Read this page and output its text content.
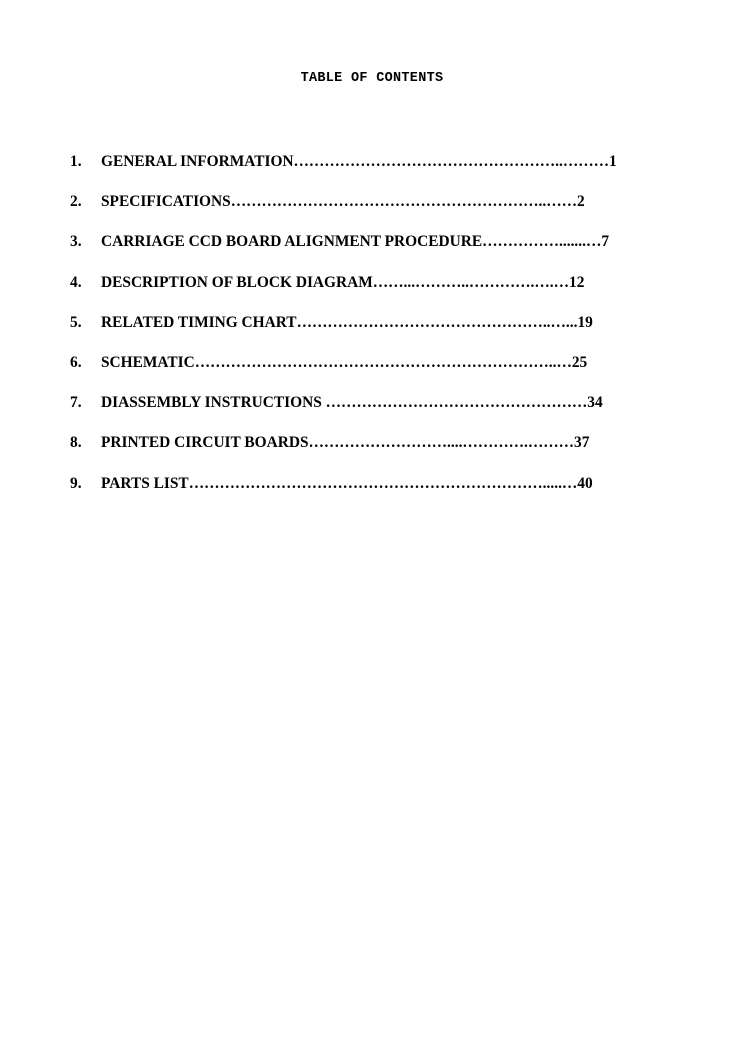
TABLE OF CONTENTS
1. GENERAL INFORMATION……………………………………………..………1
2. SPECIFICATIONS……………………………………………………..……2
3. CARRIAGE CCD BOARD ALIGNMENT PROCEDURE…………….......…7
4. DESCRIPTION OF BLOCK DIAGRAM……...………..………….….…12
5. RELATED TIMING CHART…………………………………………..…...19
6. SCHEMATIC……………………………………………………………..…25
7. DIASSEMBLY INSTRUCTIONS ……………………………………………34
8. PRINTED CIRCUIT BOARDS………………………....………….………37
9. PARTS LIST…………………………………………………………….....…40
